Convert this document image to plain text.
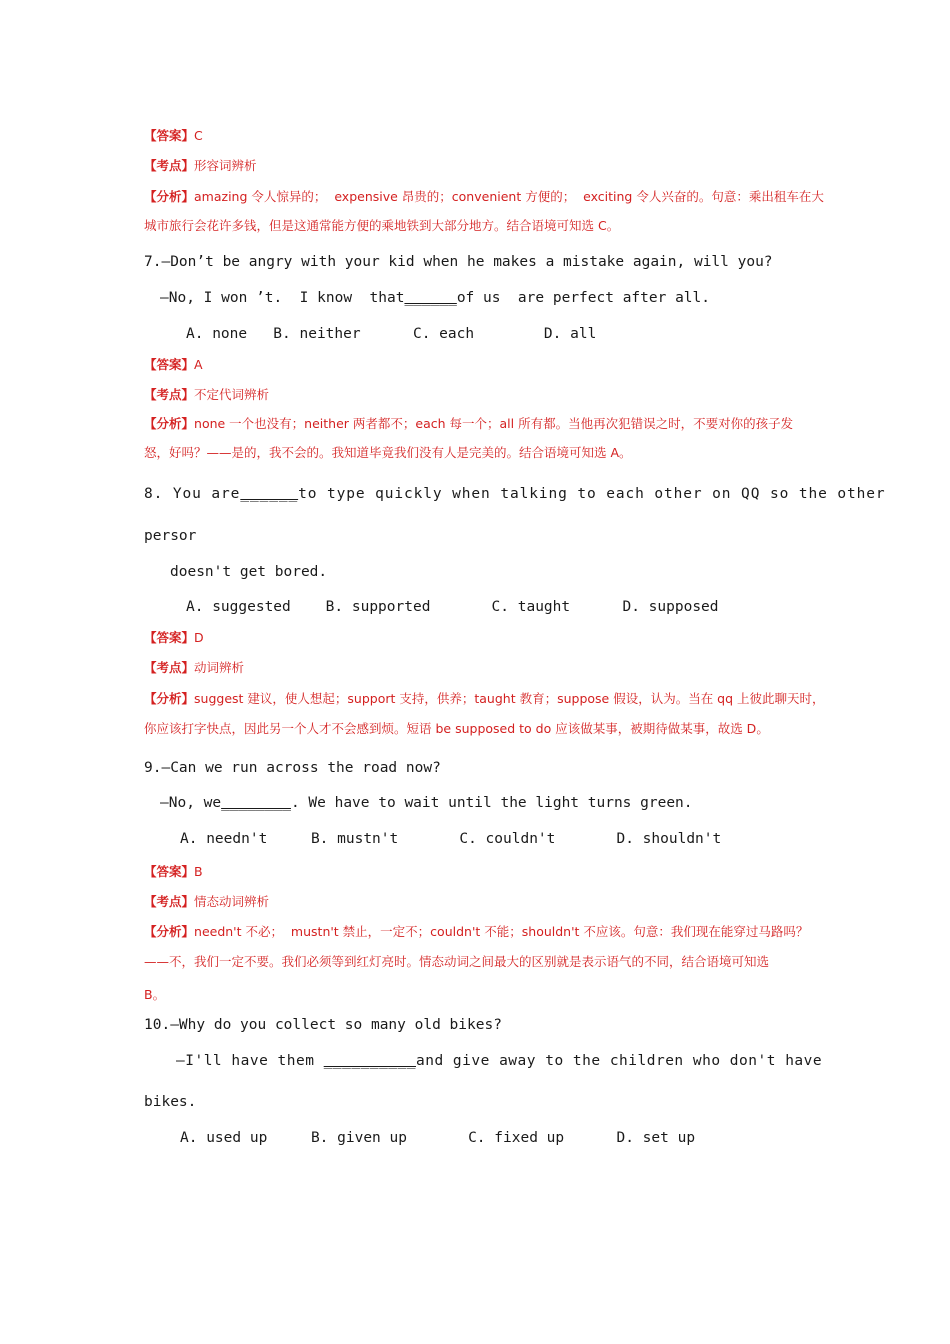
【答案】C
【考点】形容词辨析
【分析】amazing 令人惊异的；  expensive 昂贵的；convenient 方便的；  exciting 令人兴奋的。句意：乘出租车在大
城市旅行会花许多钱，但是这通常能方便的乘地铁到大部分地方。结合语境可知选 C。
7.—Don’t be angry with your kid when he makes a mistake again, will you?
—No, I won ’t.  I know  that______of us  are perfect after all.
A. none   B. neither      C. each        D. all
【答案】A
【考点】不定代词辨析
【分析】none 一个也没有；neither 两者都不；each 每一个；all 所有都。当他再次犯错误之时，不要对你的孩子发
怒，好吗？——是的，我不会的。我知道毕竟我们没有人是完美的。结合语境可知选 A。
8. You are______to type quickly when talking to each other on QQ so the other
persor
doesn't get bored.
A. suggested    B. supported       C. taught      D. supposed
【答案】D
【考点】动词辨析
【分析】suggest 建议，使人想起；support 支持，供养；taught 教育；suppose 假设，认为。当在 qq 上彼此聊天时，
你应该打字快点，因此另一个人才不会感到烦。短语 be supposed to do 应该做某事，被期待做某事，故选 D。
9.—Can we run across the road now?
—No, we________. We have to wait until the light turns green.
A. needn't     B. mustn't       C. couldn't       D. shouldn't
【答案】B
【考点】情态动词辨析
【分析】needn't 不必；  mustn't 禁止，一定不；couldn't 不能；shouldn't 不应该。句意：我们现在能穿过马路吗？
——不，我们一定不要。我们必须等到红灯亮时。情态动词之间最大的区别就是表示语气的不同，结合语境可知选
B。
10.—Why do you collect so many old bikes?
—I'll have them __________and give away to the children who don't have
bikes.
A. used up     B. given up       C. fixed up      D. set up
